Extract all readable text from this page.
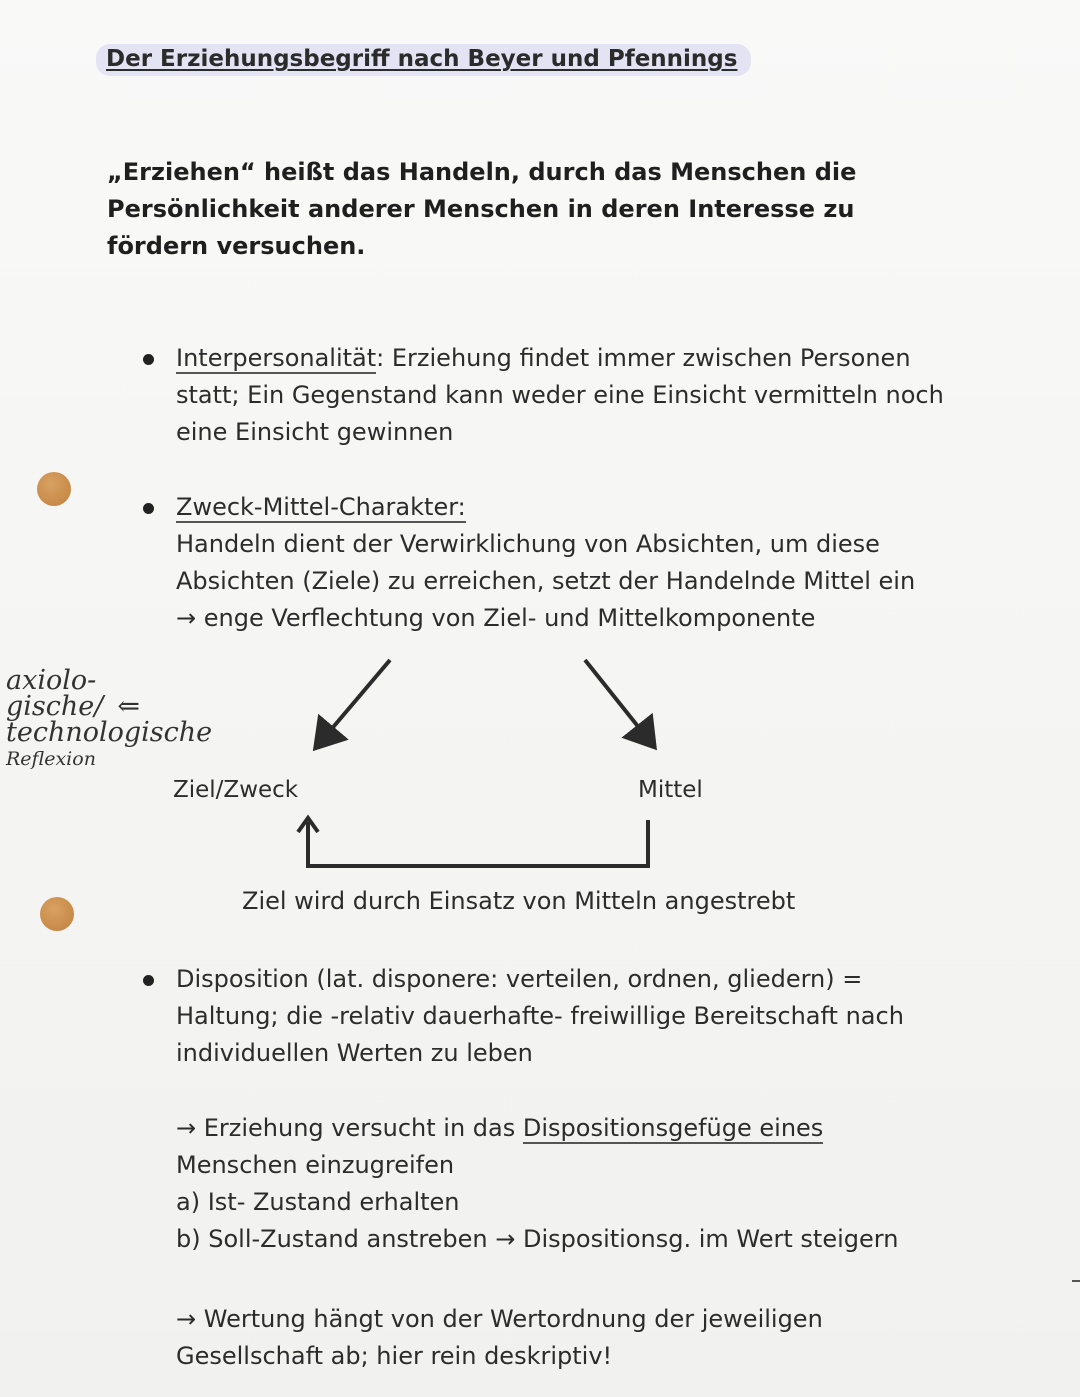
Der Erziehungsbegriff nach Beyer und Pfennings
„Erziehen“ heißt das Handeln, durch das Menschen die Persönlichkeit anderer Menschen in deren Interesse zu fördern versuchen.
Interpersonalität: Erziehung findet immer zwischen Personen
statt; Ein Gegenstand kann weder eine Einsicht vermitteln noch
eine Einsicht gewinnen
Zweck-Mittel-Charakter:
Handeln dient der Verwirklichung von Absichten, um diese
Absichten (Ziele) zu erreichen, setzt der Handelnde Mittel ein
→ enge Verflechtung von Ziel- und Mittelkomponente
Ziel/Zweck	Mittel
Ziel wird durch Einsatz von Mitteln angestrebt
axiolo-
gische/ ⇐
technologische
Reflexion
Disposition (lat. disponere: verteilen, ordnen, gliedern) =
Haltung; die -relativ dauerhafte- freiwillige Bereitschaft nach
individuellen Werten zu leben
→ Erziehung versucht in das Dispositionsgefüge eines
Menschen einzugreifen
a) Ist- Zustand erhalten
b) Soll-Zustand anstreben → Dispositionsg. im Wert steigern
→ Wertung hängt von der Wertordnung der jeweiligen
Gesellschaft ab; hier rein deskriptiv!
